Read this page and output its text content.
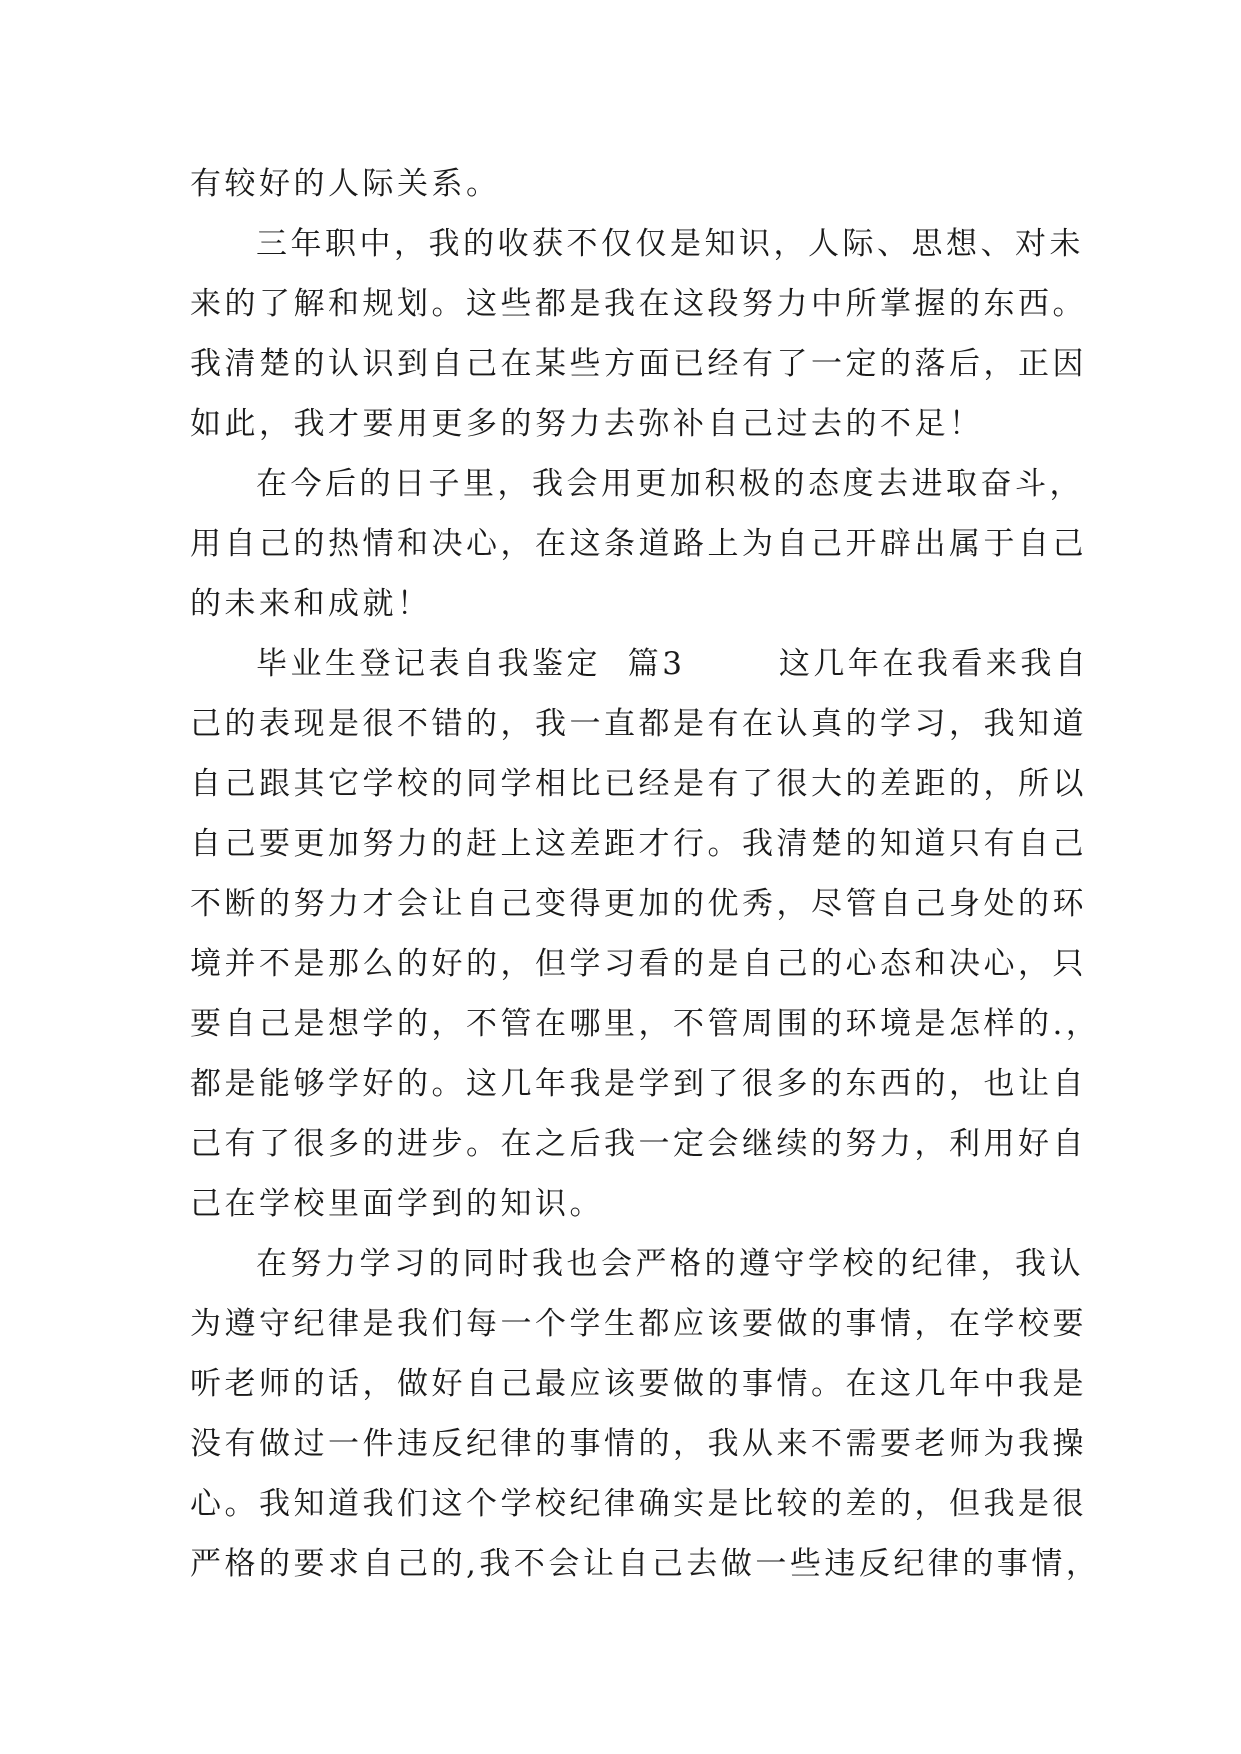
有较好的人际关系。
三年职中，我的收获不仅仅是知识，人际、思想、对未
来的了解和规划。这些都是我在这段努力中所掌握的东西。
我清楚的认识到自己在某些方面已经有了一定的落后，正因
如此，我才要用更多的努力去弥补自己过去的不足！
在今后的日子里，我会用更加积极的态度去进取奋斗，
用自己的热情和决心，在这条道路上为自己开辟出属于自己
的未来和成就！
毕业生登记表自我鉴定  篇3       这几年在我看来我自
己的表现是很不错的，我一直都是有在认真的学习，我知道
自己跟其它学校的同学相比已经是有了很大的差距的，所以
自己要更加努力的赶上这差距才行。我清楚的知道只有自己
不断的努力才会让自己变得更加的优秀，尽管自己身处的环
境并不是那么的好的，但学习看的是自己的心态和决心，只
要自己是想学的，不管在哪里，不管周围的环境是怎样的.，
都是能够学好的。这几年我是学到了很多的东西的，也让自
己有了很多的进步。在之后我一定会继续的努力，利用好自
己在学校里面学到的知识。
在努力学习的同时我也会严格的遵守学校的纪律，我认
为遵守纪律是我们每一个学生都应该要做的事情，在学校要
听老师的话，做好自己最应该要做的事情。在这几年中我是
没有做过一件违反纪律的事情的，我从来不需要老师为我操
心。我知道我们这个学校纪律确实是比较的差的，但我是很
严格的要求自己的,我不会让自己去做一些违反纪律的事情，
